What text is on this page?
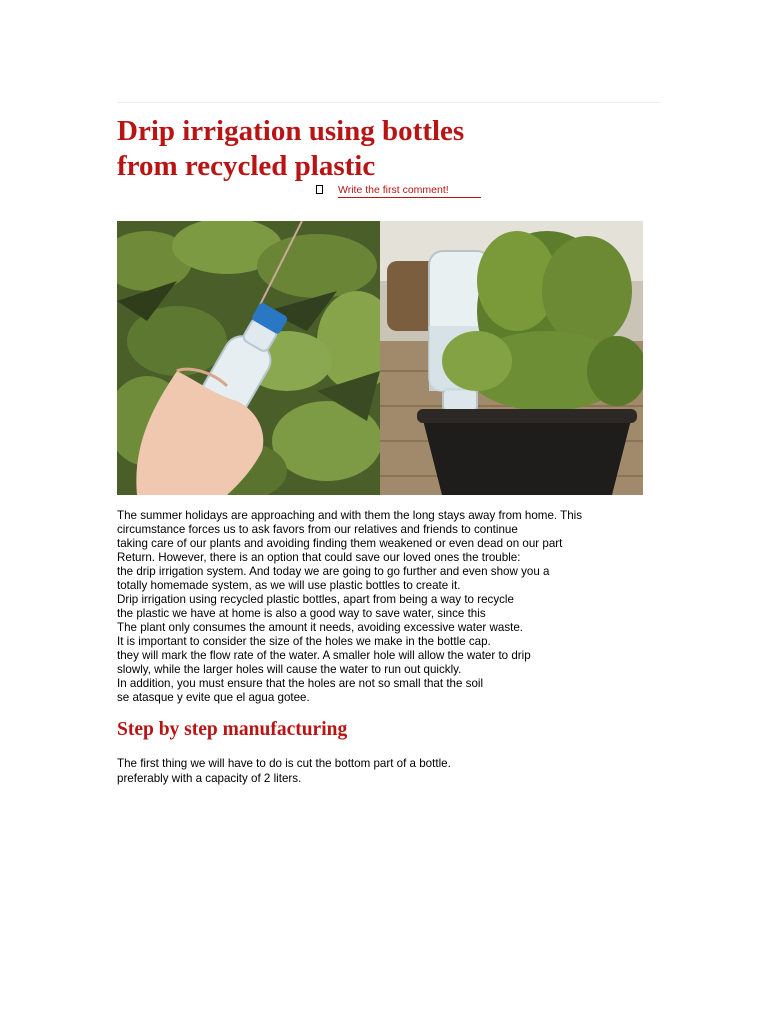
Drip irrigation using bottles
from recycled plastic
Write the first comment!
The summer holidays are approaching and with them the long stays away from home. This
circumstance forces us to ask favors from our relatives and friends to continue
taking care of our plants and avoiding finding them weakened or even dead on our part
Return. However, there is an option that could save our loved ones the trouble:
the drip irrigation system. And today we are going to go further and even show you a
totally homemade system, as we will use plastic bottles to create it.
Drip irrigation using recycled plastic bottles, apart from being a way to recycle
the plastic we have at home is also a good way to save water, since this
The plant only consumes the amount it needs, avoiding excessive water waste.
It is important to consider the size of the holes we make in the bottle cap.
they will mark the flow rate of the water. A smaller hole will allow the water to drip
slowly, while the larger holes will cause the water to run out quickly.
In addition, you must ensure that the holes are not so small that the soil
se atasque y evite que el agua gotee.
Step by step manufacturing
The first thing we will have to do is cut the bottom part of a bottle.
preferably with a capacity of 2 liters.
